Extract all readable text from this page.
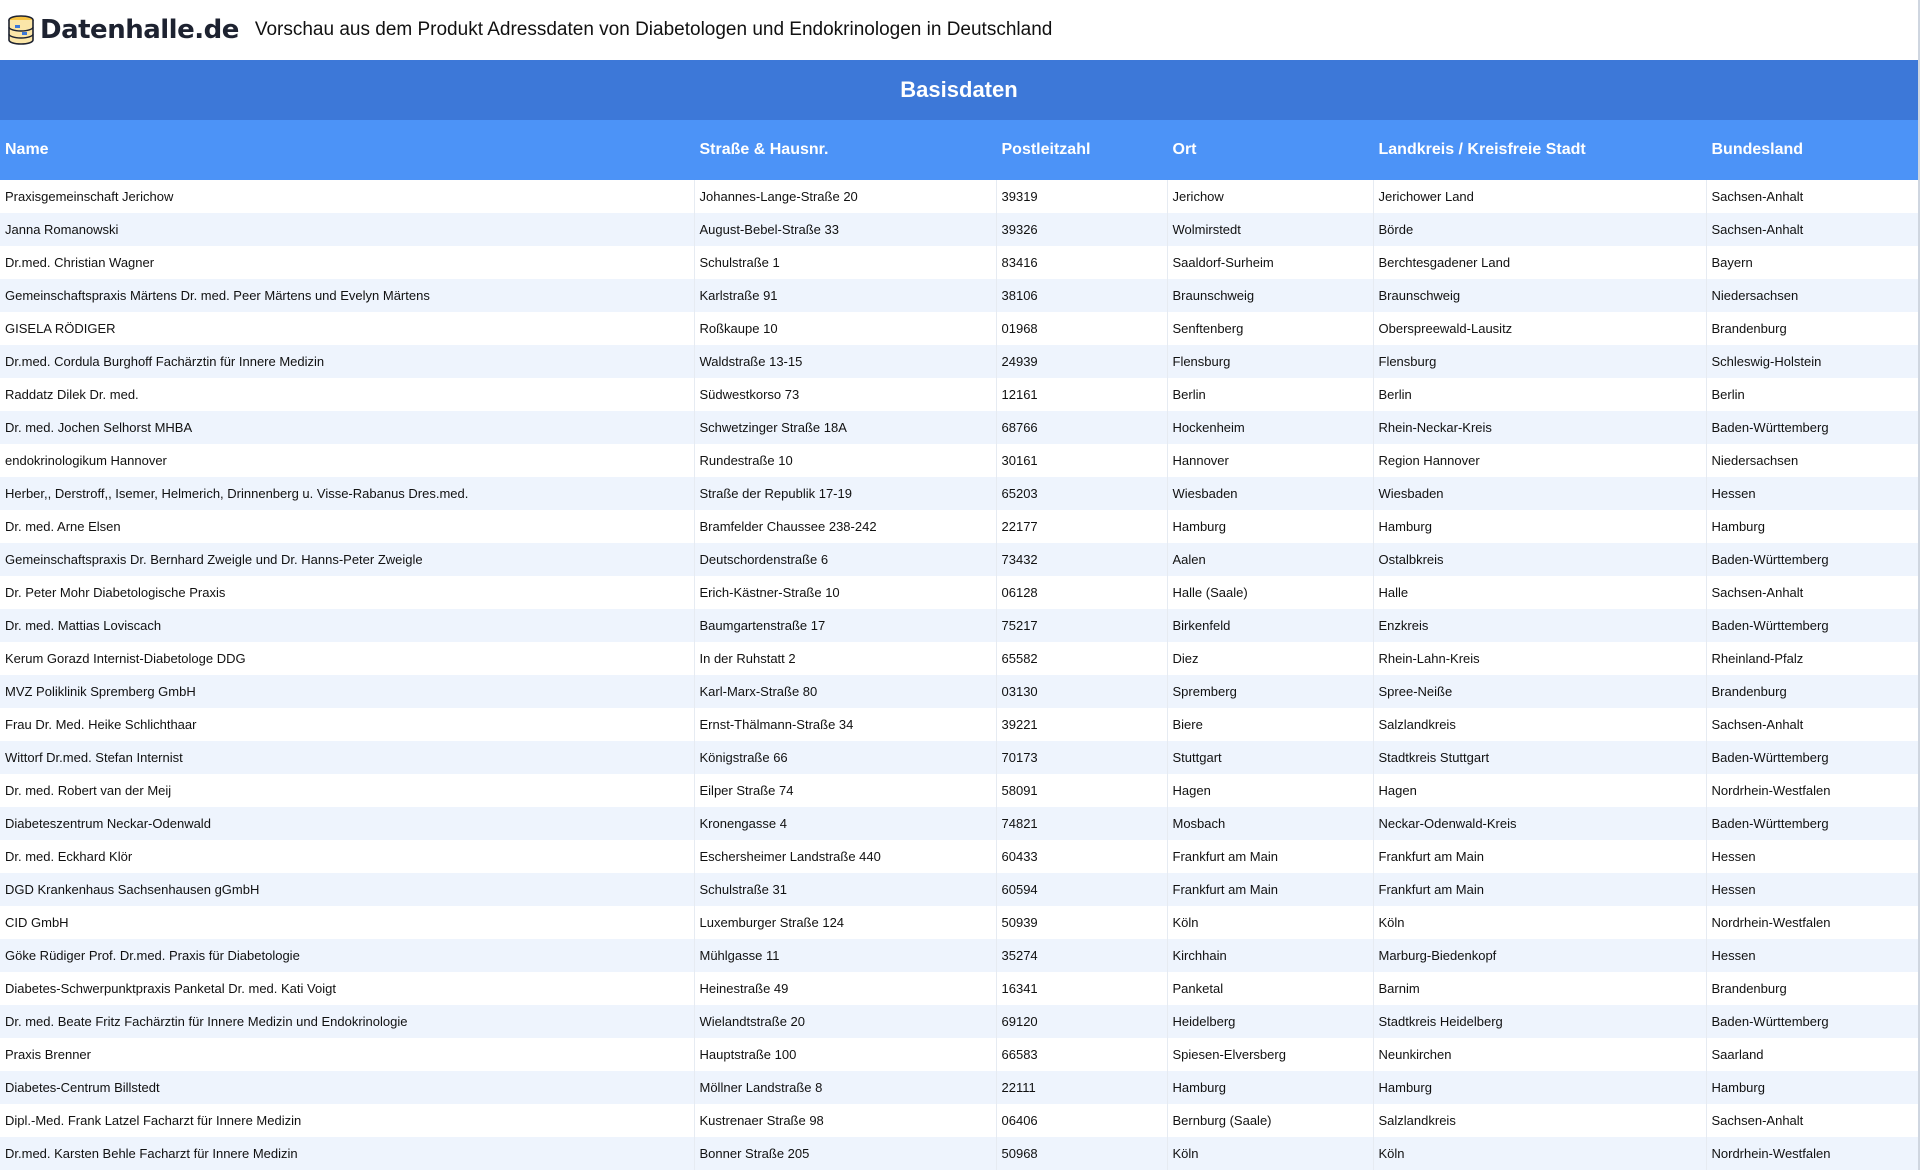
Datenhalle.de Vorschau aus dem Produkt Adressdaten von Diabetologen und Endokrinologen in Deutschland
Basisdaten
Name	Straße & Hausnr.	Postleitzahl	Ort	Landkreis / Kreisfreie Stadt	Bundesland
Praxisgemeinschaft Jerichow	Johannes-Lange-Straße 20	39319	Jerichow	Jerichower Land	Sachsen-Anhalt
Janna Romanowski	August-Bebel-Straße 33	39326	Wolmirstedt	Börde	Sachsen-Anhalt
Dr.med. Christian Wagner	Schulstraße 1	83416	Saaldorf-Surheim	Berchtesgadener Land	Bayern
Gemeinschaftspraxis Märtens Dr. med. Peer Märtens und Evelyn Märtens	Karlstraße 91	38106	Braunschweig	Braunschweig	Niedersachsen
GISELA RÖDIGER	Roßkaupe 10	01968	Senftenberg	Oberspreewald-Lausitz	Brandenburg
Dr.med. Cordula Burghoff Fachärztin für Innere Medizin	Waldstraße 13-15	24939	Flensburg	Flensburg	Schleswig-Holstein
Raddatz Dilek Dr. med.	Südwestkorso 73	12161	Berlin	Berlin	Berlin
Dr. med. Jochen Selhorst MHBA	Schwetzinger Straße 18A	68766	Hockenheim	Rhein-Neckar-Kreis	Baden-Württemberg
endokrinologikum Hannover	Rundestraße 10	30161	Hannover	Region Hannover	Niedersachsen
Herber,, Derstroff,, Isemer, Helmerich, Drinnenberg u. Visse-Rabanus Dres.med.	Straße der Republik 17-19	65203	Wiesbaden	Wiesbaden	Hessen
Dr. med. Arne Elsen	Bramfelder Chaussee 238-242	22177	Hamburg	Hamburg	Hamburg
Gemeinschaftspraxis Dr. Bernhard Zweigle und Dr. Hanns-Peter Zweigle	Deutschordenstraße 6	73432	Aalen	Ostalbkreis	Baden-Württemberg
Dr. Peter Mohr Diabetologische Praxis	Erich-Kästner-Straße 10	06128	Halle (Saale)	Halle	Sachsen-Anhalt
Dr. med. Mattias Loviscach	Baumgartenstraße 17	75217	Birkenfeld	Enzkreis	Baden-Württemberg
Kerum Gorazd Internist-Diabetologe DDG	In der Ruhstatt 2	65582	Diez	Rhein-Lahn-Kreis	Rheinland-Pfalz
MVZ Poliklinik Spremberg GmbH	Karl-Marx-Straße 80	03130	Spremberg	Spree-Neiße	Brandenburg
Frau Dr. Med. Heike Schlichthaar	Ernst-Thälmann-Straße 34	39221	Biere	Salzlandkreis	Sachsen-Anhalt
Wittorf Dr.med. Stefan Internist	Königstraße 66	70173	Stuttgart	Stadtkreis Stuttgart	Baden-Württemberg
Dr. med. Robert van der Meij	Eilper Straße 74	58091	Hagen	Hagen	Nordrhein-Westfalen
Diabeteszentrum Neckar-Odenwald	Kronengasse 4	74821	Mosbach	Neckar-Odenwald-Kreis	Baden-Württemberg
Dr. med. Eckhard Klör	Eschersheimer Landstraße 440	60433	Frankfurt am Main	Frankfurt am Main	Hessen
DGD Krankenhaus Sachsenhausen gGmbH	Schulstraße 31	60594	Frankfurt am Main	Frankfurt am Main	Hessen
CID GmbH	Luxemburger Straße 124	50939	Köln	Köln	Nordrhein-Westfalen
Göke Rüdiger Prof. Dr.med. Praxis für Diabetologie	Mühlgasse 11	35274	Kirchhain	Marburg-Biedenkopf	Hessen
Diabetes-Schwerpunktpraxis Panketal Dr. med. Kati Voigt	Heinestraße 49	16341	Panketal	Barnim	Brandenburg
Dr. med. Beate Fritz Fachärztin für Innere Medizin und Endokrinologie	Wielandtstraße 20	69120	Heidelberg	Stadtkreis Heidelberg	Baden-Württemberg
Praxis Brenner	Hauptstraße 100	66583	Spiesen-Elversberg	Neunkirchen	Saarland
Diabetes-Centrum Billstedt	Möllner Landstraße 8	22111	Hamburg	Hamburg	Hamburg
Dipl.-Med. Frank Latzel Facharzt für Innere Medizin	Kustrenaer Straße 98	06406	Bernburg (Saale)	Salzlandkreis	Sachsen-Anhalt
Dr.med. Karsten Behle Facharzt für Innere Medizin	Bonner Straße 205	50968	Köln	Köln	Nordrhein-Westfalen
